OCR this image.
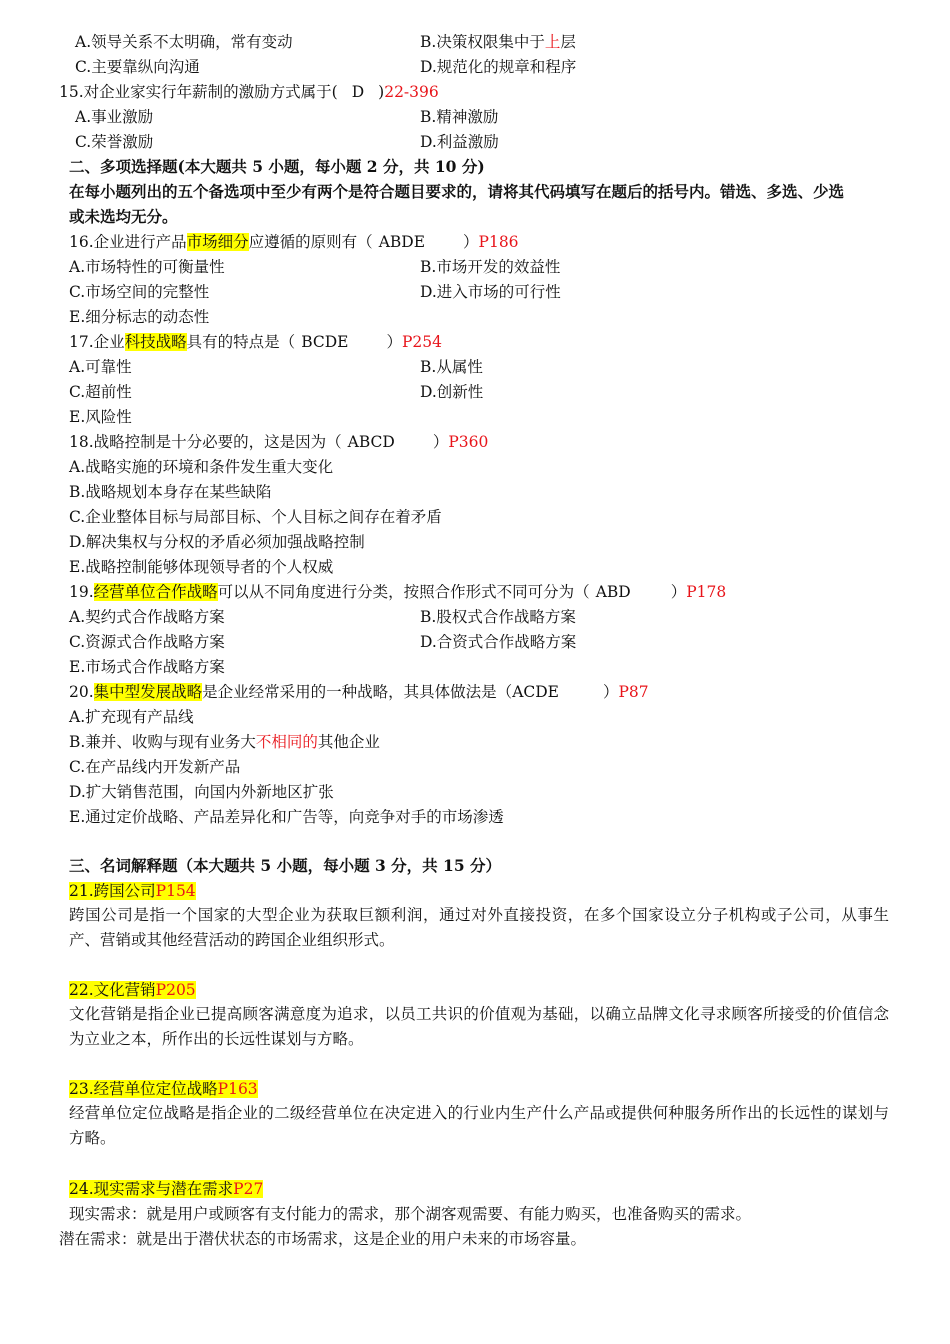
A.领导关系不太明确，常有变动	B.决策权限集中于上层
C.主要靠纵向沟通	D.规范化的规章和程序
15.对企业家实行年薪制的激励方式属于( D )22-396
A.事业激励	B.精神激励
C.荣誉激励	D.利益激励
二、多项选择题(本大题共 5 小题，每小题 2 分，共 10 分)
在每小题列出的五个备选项中至少有两个是符合题目要求的，请将其代码填写在题后的括号内。错选、多选、少选
或未选均无分。
16.企业进行产品市场细分应遵循的原则有（ ABDE ）P186
A.市场特性的可衡量性	B.市场开发的效益性
C.市场空间的完整性	D.进入市场的可行性
E.细分标志的动态性
17.企业科技战略具有的特点是（ BCDE ）P254
A.可靠性	B.从属性
C.超前性	D.创新性
E.风险性
18.战略控制是十分必要的，这是因为（ ABCD ）P360
A.战略实施的环境和条件发生重大变化
B.战略规划本身存在某些缺陷
C.企业整体目标与局部目标、个人目标之间存在着矛盾
D.解决集权与分权的矛盾必须加强战略控制
E.战略控制能够体现领导者的个人权威
19.经营单位合作战略可以从不同角度进行分类，按照合作形式不同可分为（ ABD	）P178
A.契约式合作战略方案	B.股权式合作战略方案
C.资源式合作战略方案	D.合资式合作战略方案
E.市场式合作战略方案
20.集中型发展战略是企业经常采用的一种战略，其具体做法是（ACDE	）P87
A.扩充现有产品线
B.兼并、收购与现有业务大不相同的其他企业
C.在产品线内开发新产品
D.扩大销售范围，向国内外新地区扩张
E.通过定价战略、产品差异化和广告等，向竞争对手的市场渗透
三、名词解释题（本大题共 5 小题，每小题 3 分，共 15 分）
21.跨国公司P154
跨国公司是指一个国家的大型企业为获取巨额利润，通过对外直接投资，在多个国家设立分子机构或子公司，从事生产、营销或其他经营活动的跨国企业组织形式。
22.文化营销P205
文化营销是指企业已提高顾客满意度为追求，以员工共识的价值观为基础，以确立品牌文化寻求顾客所接受的价值信念为立业之本，所作出的长远性谋划与方略。
23.经营单位定位战略P163
经营单位定位战略是指企业的二级经营单位在决定进入的行业内生产什么产品或提供何种服务所作出的长远性的谋划与方略。
24.现实需求与潜在需求P27
现实需求：就是用户或顾客有支付能力的需求，那个湖客观需要、有能力购买，也准备购买的需求。
潜在需求：就是出于潜伏状态的市场需求，这是企业的用户未来的市场容量。
